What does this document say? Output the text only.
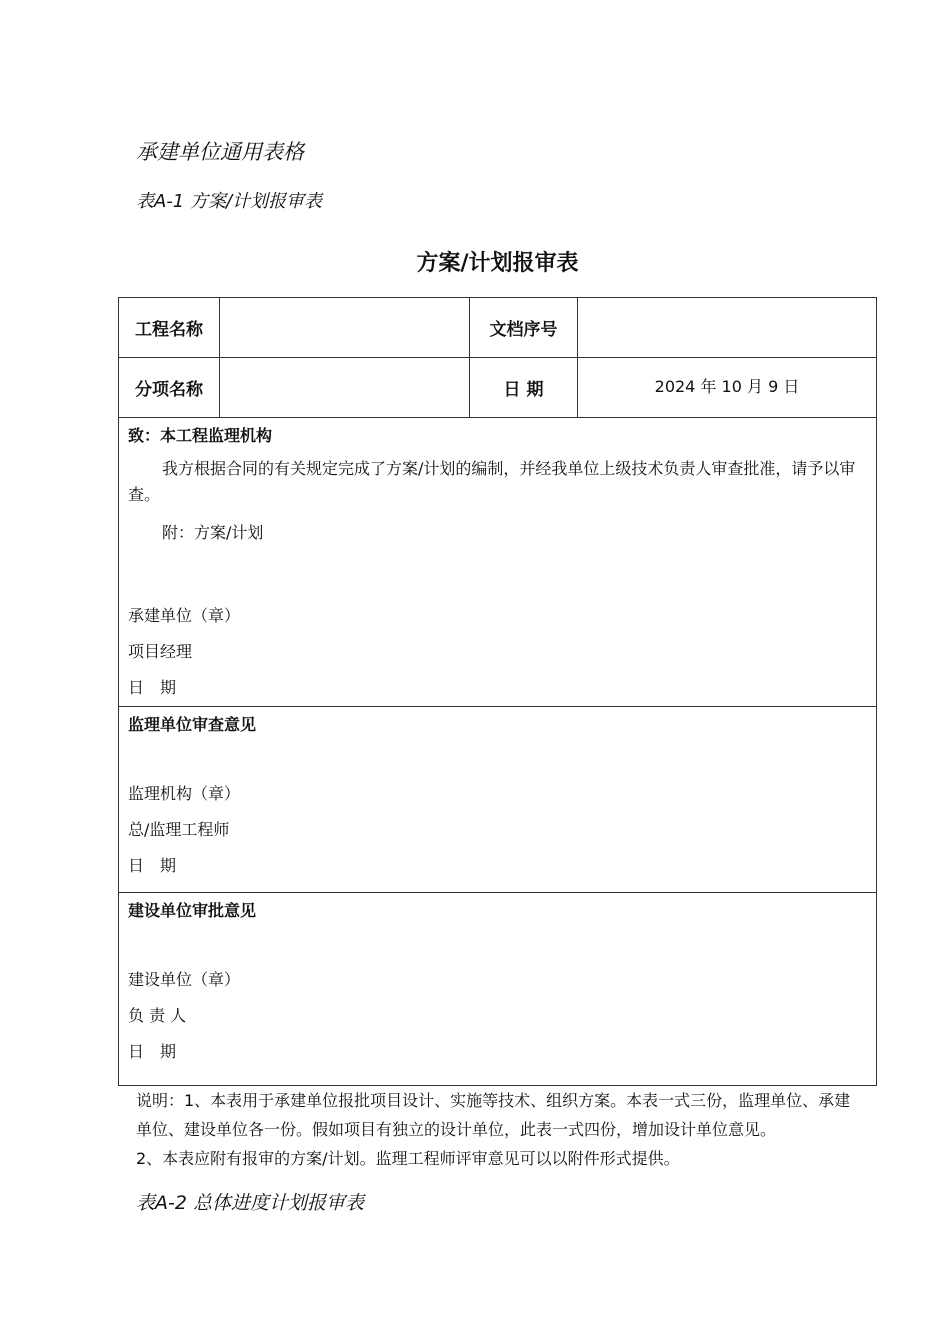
承建单位通用表格
表A-1 方案/计划报审表
方案/计划报审表
工程名称	文档序号
分项名称	日 期	2024 年 10 月 9 日
致：本工程监理机构
我方根据合同的有关规定完成了方案/计划的编制，并经我单位上级技术负责人审查批准，请予以审查。
附：方案/计划
承建单位（章）
项目经理
日　期
监理单位审查意见
监理机构（章）
总/监理工程师
日　期
建设单位审批意见
建设单位（章）
负 责 人
日　期
说明：1、本表用于承建单位报批项目设计、实施等技术、组织方案。本表一式三份，监理单位、承建单位、建设单位各一份。假如项目有独立的设计单位，此表一式四份，增加设计单位意见。
2、本表应附有报审的方案/计划。监理工程师评审意见可以以附件形式提供。
表A-2 总体进度计划报审表
